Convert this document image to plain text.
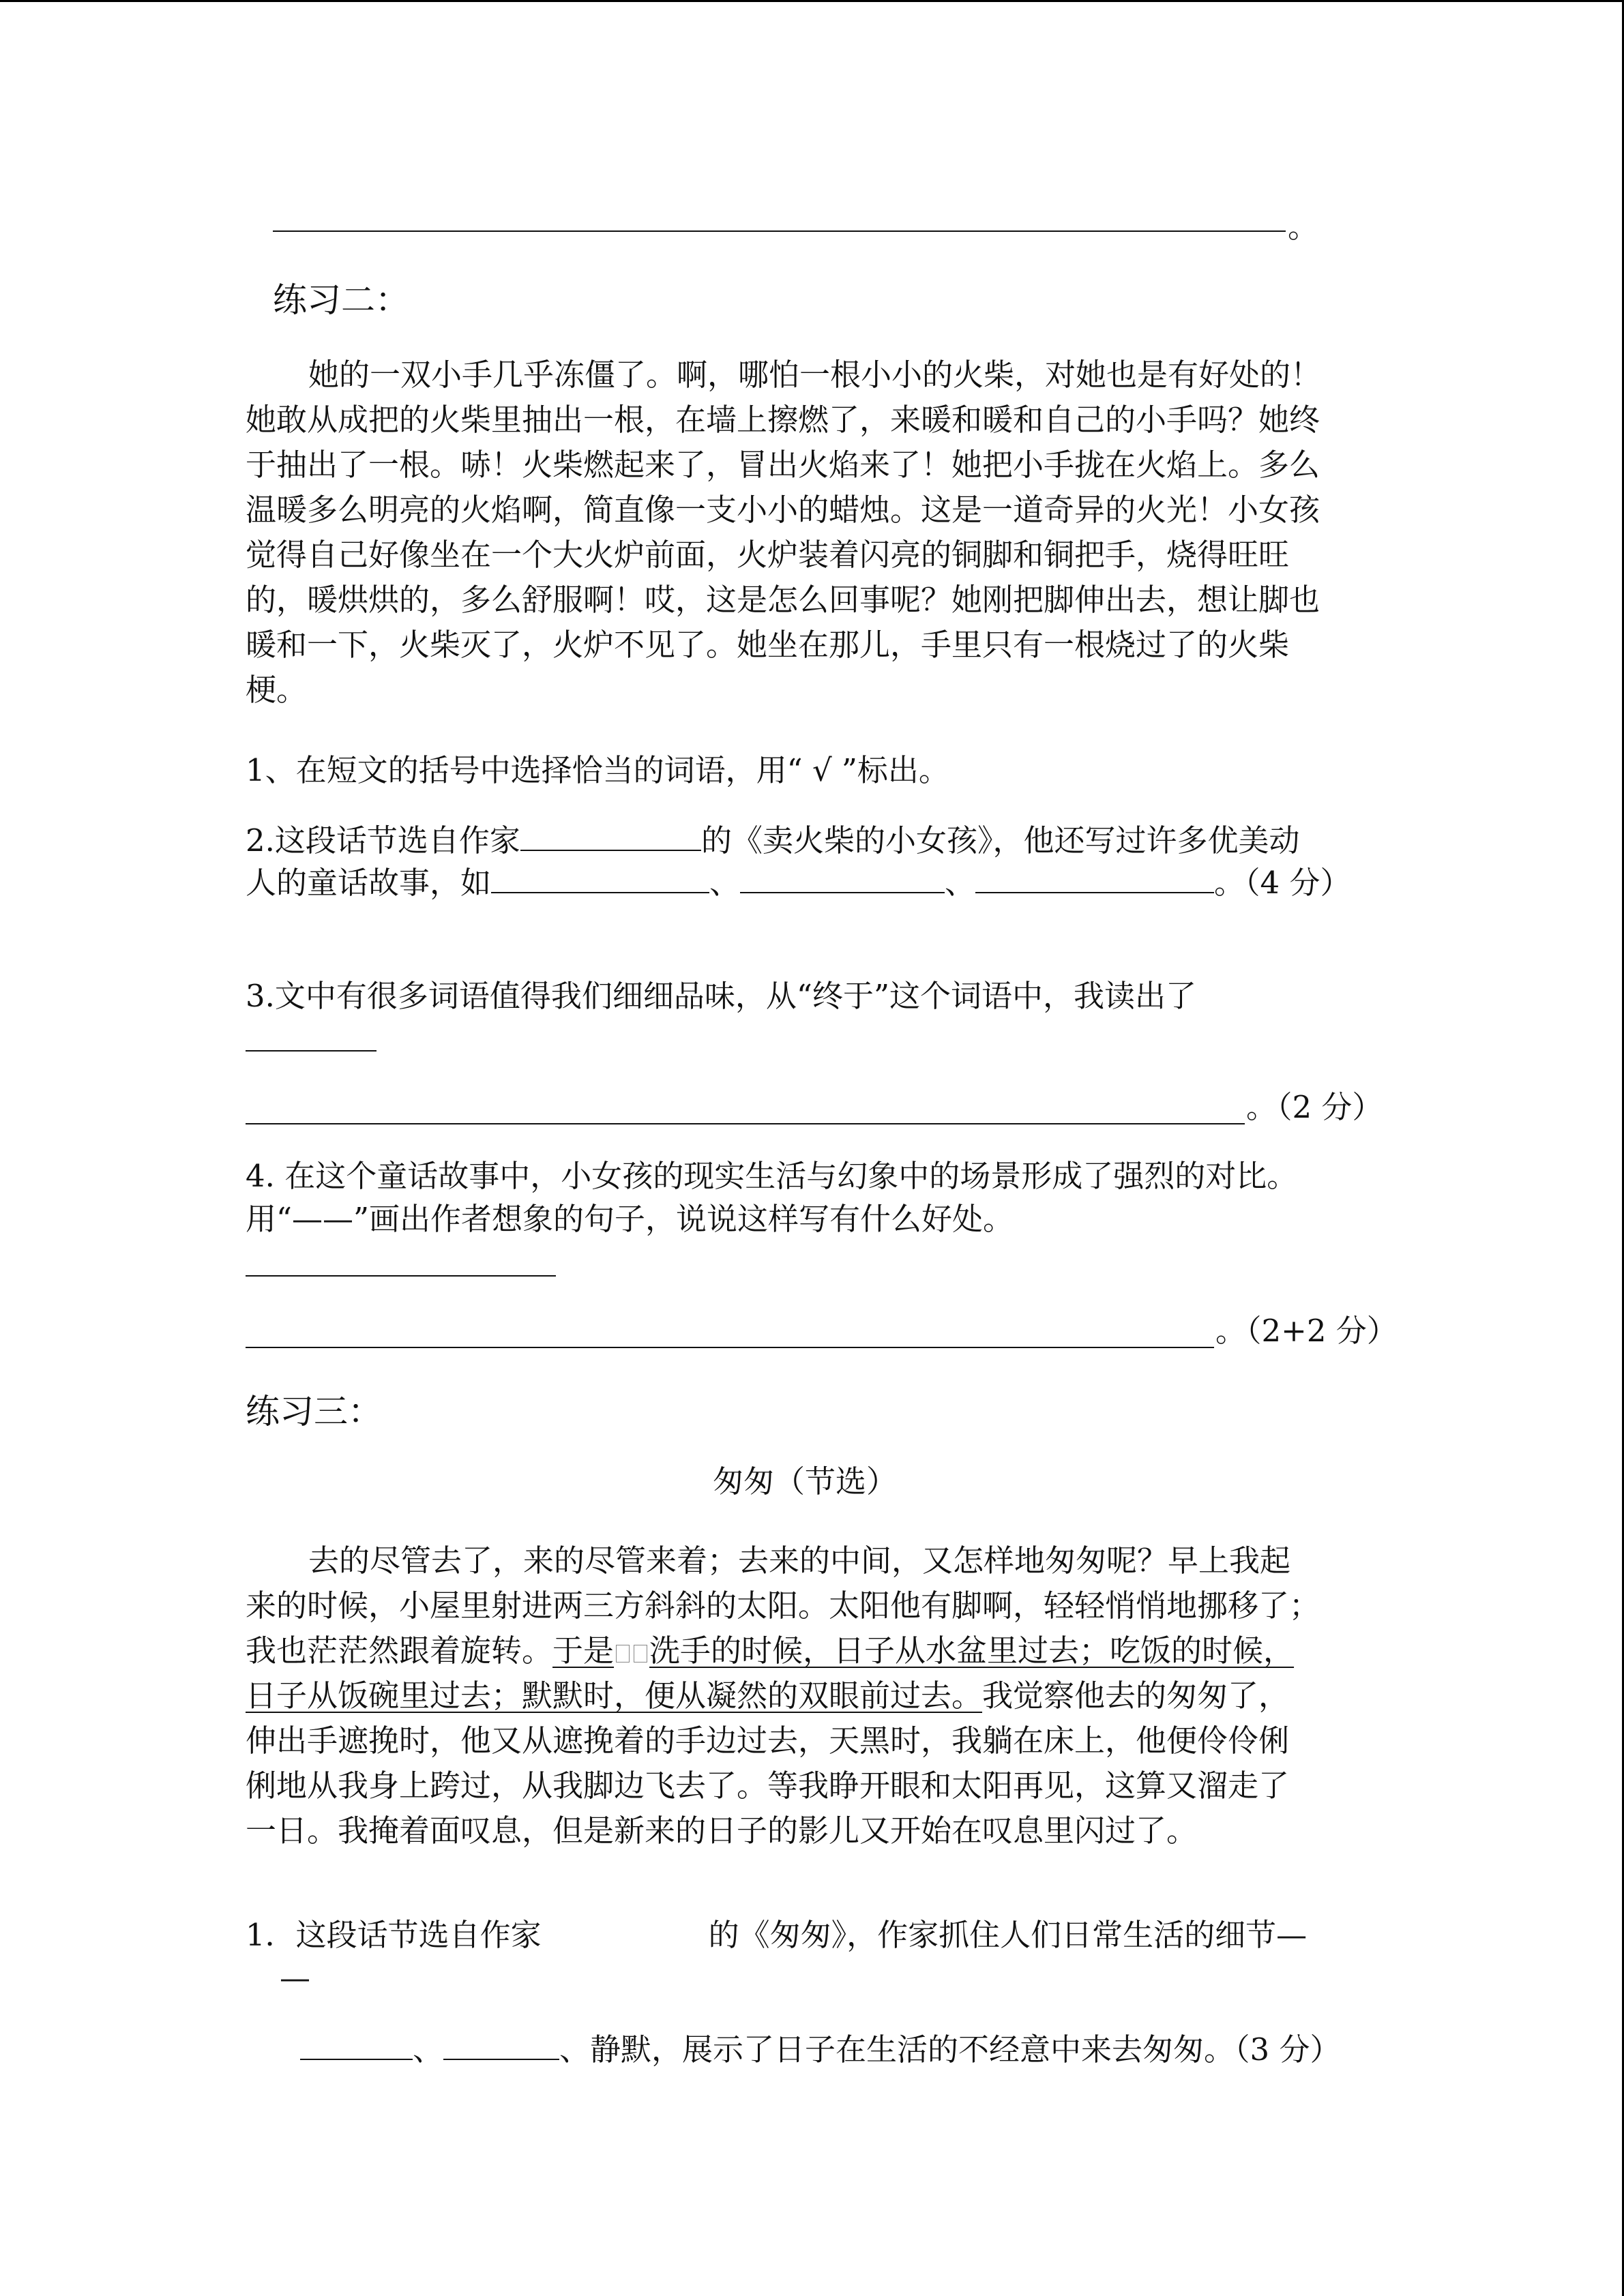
。
练习二：
她的一双小手几乎冻僵了。啊，哪怕一根小小的火柴，对她也是有好处的！
她敢从成把的火柴里抽出一根，在墙上擦燃了，来暖和暖和自己的小手吗？她终
于抽出了一根。哧！火柴燃起来了，冒出火焰来了！她把小手拢在火焰上。多么
温暖多么明亮的火焰啊，简直像一支小小的蜡烛。这是一道奇异的火光！小女孩
觉得自己好像坐在一个大火炉前面，火炉装着闪亮的铜脚和铜把手，烧得旺旺
的，暖烘烘的，多么舒服啊！哎，这是怎么回事呢？她刚把脚伸出去，想让脚也
暖和一下，火柴灭了，火炉不见了。她坐在那儿，手里只有一根烧过了的火柴
梗。
1、在短文的括号中选择恰当的词语，用“ √ ”标出。
2.这段话节选自作家	的《卖火柴的小女孩》，他还写过许多优美动
人的童话故事，如	、	、	。（4 分）
3.文中有很多词语值得我们细细品味，从“终于”这个词语中，我读出了
。（2 分）
4. 在这个童话故事中，小女孩的现实生活与幻象中的场景形成了强烈的对比。
用“——”画出作者想象的句子，说说这样写有什么好处。
。（2+2 分）
练习三：
匆匆（节选）
去的尽管去了，来的尽管来着；去来的中间，又怎样地匆匆呢？早上我起
来的时候，小屋里射进两三方斜斜的太阳。太阳他有脚啊，轻轻悄悄地挪移了；
我也茫茫然跟着旋转。于是 洗手的时候，日子从水盆里过去；吃饭的时候，
日子从饭碗里过去；默默时，便从凝然的双眼前过去。我觉察他去的匆匆了，
伸出手遮挽时，他又从遮挽着的手边过去，天黑时，我躺在床上，他便伶伶俐
俐地从我身上跨过，从我脚边飞去了。等我睁开眼和太阳再见，这算又溜走了
一日。我掩着面叹息，但是新来的日子的影儿又开始在叹息里闪过了。
1．这段话节选自作家	的《匆匆》，作家抓住人们日常生活的细节—
—
、	、静默，展示了日子在生活的不经意中来去匆匆。（3 分）
